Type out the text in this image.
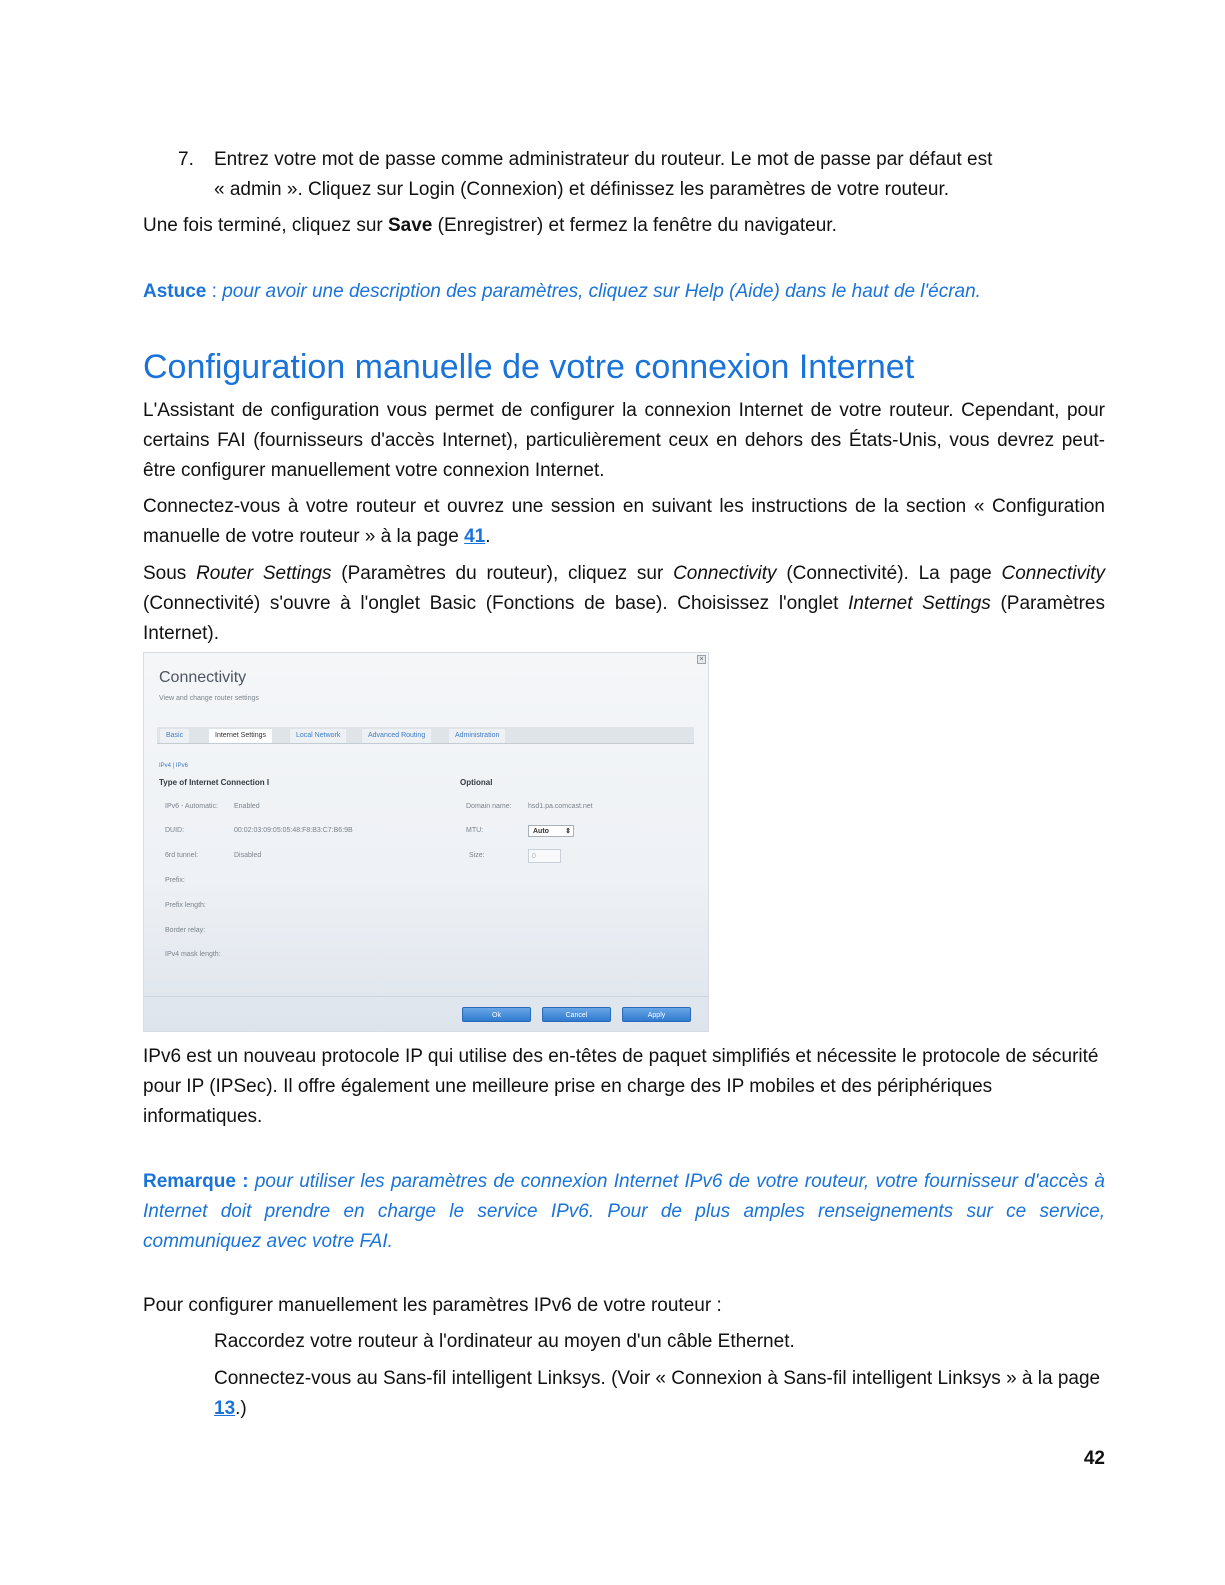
7. Entrez votre mot de passe comme administrateur du routeur. Le mot de passe par défaut est
« admin ». Cliquez sur Login (Connexion) et définissez les paramètres de votre routeur.
Une fois terminé, cliquez sur Save (Enregistrer) et fermez la fenêtre du navigateur.
Astuce : pour avoir une description des paramètres, cliquez sur Help (Aide) dans le haut de l'écran.
Configuration manuelle de votre connexion Internet
L'Assistant de configuration vous permet de configurer la connexion Internet de votre routeur. Cependant, pour certains FAI (fournisseurs d'accès Internet), particulièrement ceux en dehors des États-Unis, vous devrez peut-être configurer manuellement votre connexion Internet.
Connectez-vous à votre routeur et ouvrez une session en suivant les instructions de la section « Configuration manuelle de votre routeur » à la page 41.
Sous Router Settings (Paramètres du routeur), cliquez sur Connectivity (Connectivité). La page Connectivity (Connectivité) s'ouvre à l'onglet Basic (Fonctions de base). Choisissez l'onglet Internet Settings (Paramètres Internet).
×
Connectivity
View and change router settings
Basic	Internet Settings	Local Network	Advanced Routing	Administration
IPv4 | IPv6
Type of Internet Connection I	Optional
IPv6 - Automatic: Enabled
DUID:	00:02:03:09:05:05:48:F8:B3:C7:B6:9B
6rd tunnel:	Disabled
Prefix:
Prefix length:
Border relay:
IPv4 mask length:
Domain name: hsd1.pa.comcast.net
MTU:	Auto ⇕
Size:	0
Ok	Cancel	Apply
IPv6 est un nouveau protocole IP qui utilise des en-têtes de paquet simplifiés et nécessite le protocole de sécurité pour IP (IPSec). Il offre également une meilleure prise en charge des IP mobiles et des périphériques informatiques.
Remarque : pour utiliser les paramètres de connexion Internet IPv6 de votre routeur, votre fournisseur d'accès à Internet doit prendre en charge le service IPv6. Pour de plus amples renseignements sur ce service, communiquez avec votre FAI.
Pour configurer manuellement les paramètres IPv6 de votre routeur :
Raccordez votre routeur à l'ordinateur au moyen d'un câble Ethernet.
Connectez-vous au Sans-fil intelligent Linksys. (Voir « Connexion à Sans-fil intelligent Linksys » à la page 13.)
42
